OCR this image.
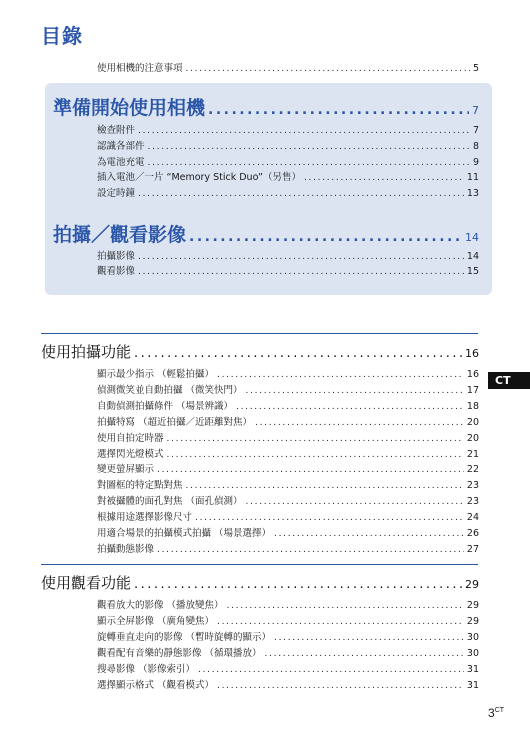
目錄
使用相機的注意事項 .....	5
準備開始使用相機 .....	7
檢查附件 .....	7
認識各部件 .....	8
為電池充電 .....	9
插入電池／一片 “Memory Stick Duo”（另售） .....	11
設定時鐘 .....	13
拍攝／觀看影像 .....	14
拍攝影像 .....	14
觀看影像 .....	15
使用拍攝功能 .....	16
顯示最少指示 （輕鬆拍攝） .....	16
偵測微笑並自動拍攝 （微笑快門） .....	17
自動偵測拍攝條件 （場景辨識） .....	18
拍攝特寫 （超近拍攝／近距離對焦） .....	20
使用自拍定時器 .....	20
選擇閃光燈模式 .....	21
變更螢屏顯示 .....	22
對圖框的特定點對焦 .....	23
對被攝體的面孔對焦 （面孔偵測） .....	23
根據用途選擇影像尺寸 .....	24
用適合場景的拍攝模式拍攝 （場景選擇） .....	26
拍攝動態影像 .....	27
使用觀看功能 .....	29
觀看放大的影像 （播放變焦） .....	29
顯示全屏影像 （廣角變焦） .....	29
旋轉垂直走向的影像 （暫時旋轉的顯示） .....	30
觀看配有音樂的靜態影像 （循環播放） .....	30
搜尋影像 （影像索引） .....	31
選擇顯示格式 （觀看模式） .....	31
CT
$3^{CT}$
